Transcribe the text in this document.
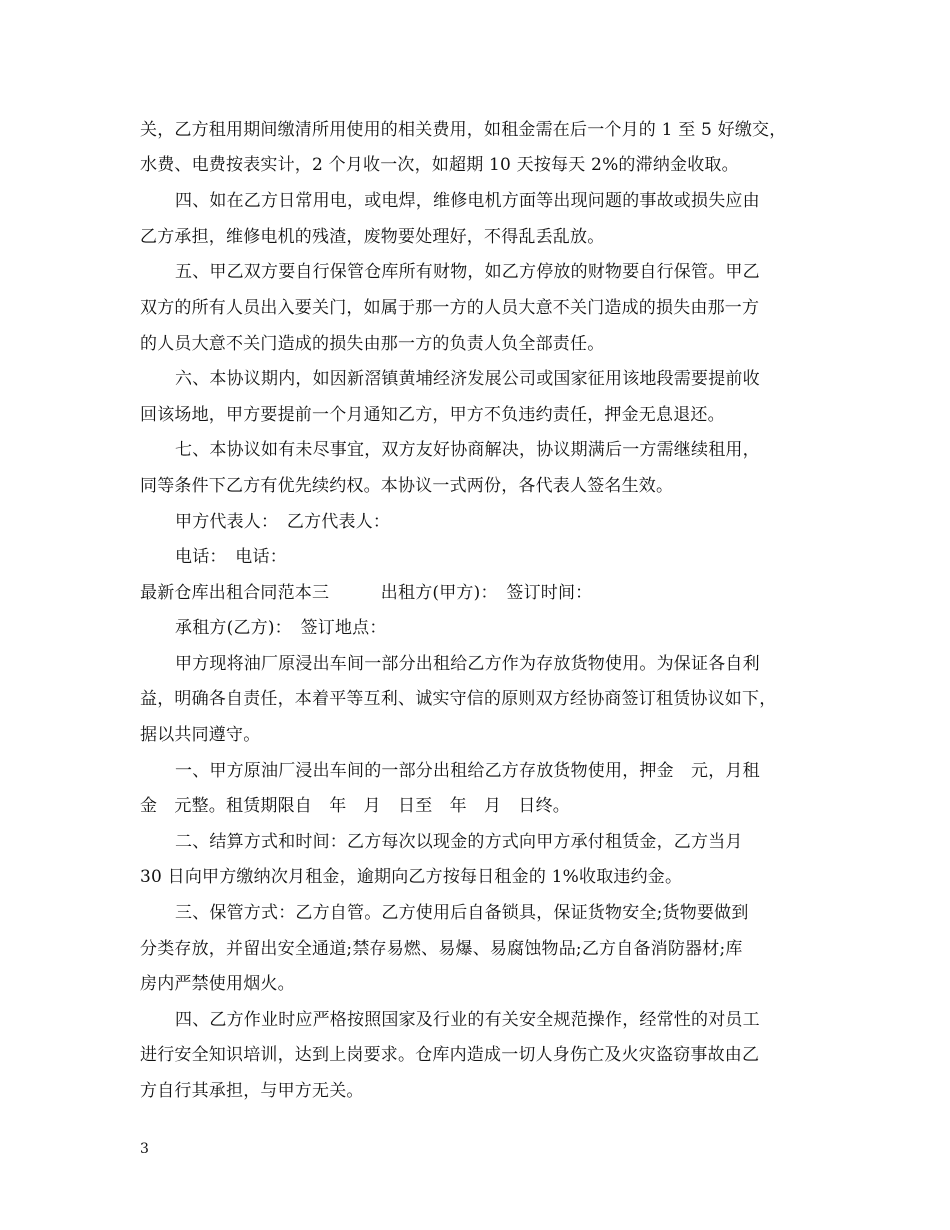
关，乙方租用期间缴清所用使用的相关费用，如租金需在后一个月的 1 至 5 好缴交，
水费、电费按表实计，2 个月收一次，如超期 10 天按每天 2%的滞纳金收取。
四、如在乙方日常用电，或电焊，维修电机方面等出现问题的事故或损失应由
乙方承担，维修电机的残渣，废物要处理好，不得乱丢乱放。
五、甲乙双方要自行保管仓库所有财物，如乙方停放的财物要自行保管。甲乙
双方的所有人员出入要关门，如属于那一方的人员大意不关门造成的损失由那一方
的人员大意不关门造成的损失由那一方的负责人负全部责任。
六、本协议期内，如因新滘镇黄埔经济发展公司或国家征用该地段需要提前收
回该场地，甲方要提前一个月通知乙方，甲方不负违约责任，押金无息退还。
七、本协议如有未尽事宜，双方友好协商解决，协议期满后一方需继续租用，
同等条件下乙方有优先续约权。本协议一式两份，各代表人签名生效。
甲方代表人：　乙方代表人：
电话：　电话：
最新仓库出租合同范本三　　　出租方(甲方)：　签订时间：
承租方(乙方)：　签订地点：
甲方现将油厂原浸出车间一部分出租给乙方作为存放货物使用。为保证各自利
益，明确各自责任，本着平等互利、诚实守信的原则双方经协商签订租赁协议如下，
据以共同遵守。
一、甲方原油厂浸出车间的一部分出租给乙方存放货物使用，押金　元，月租
金　元整。租赁期限自　年　月　日至　年　月　日终。
二、结算方式和时间：乙方每次以现金的方式向甲方承付租赁金，乙方当月
30 日向甲方缴纳次月租金，逾期向乙方按每日租金的 1%收取违约金。
三、保管方式：乙方自管。乙方使用后自备锁具，保证货物安全;货物要做到
分类存放，并留出安全通道;禁存易燃、易爆、易腐蚀物品;乙方自备消防器材;库
房内严禁使用烟火。
四、乙方作业时应严格按照国家及行业的有关安全规范操作，经常性的对员工
进行安全知识培训，达到上岗要求。仓库内造成一切人身伤亡及火灾盗窃事故由乙
方自行其承担，与甲方无关。
3
